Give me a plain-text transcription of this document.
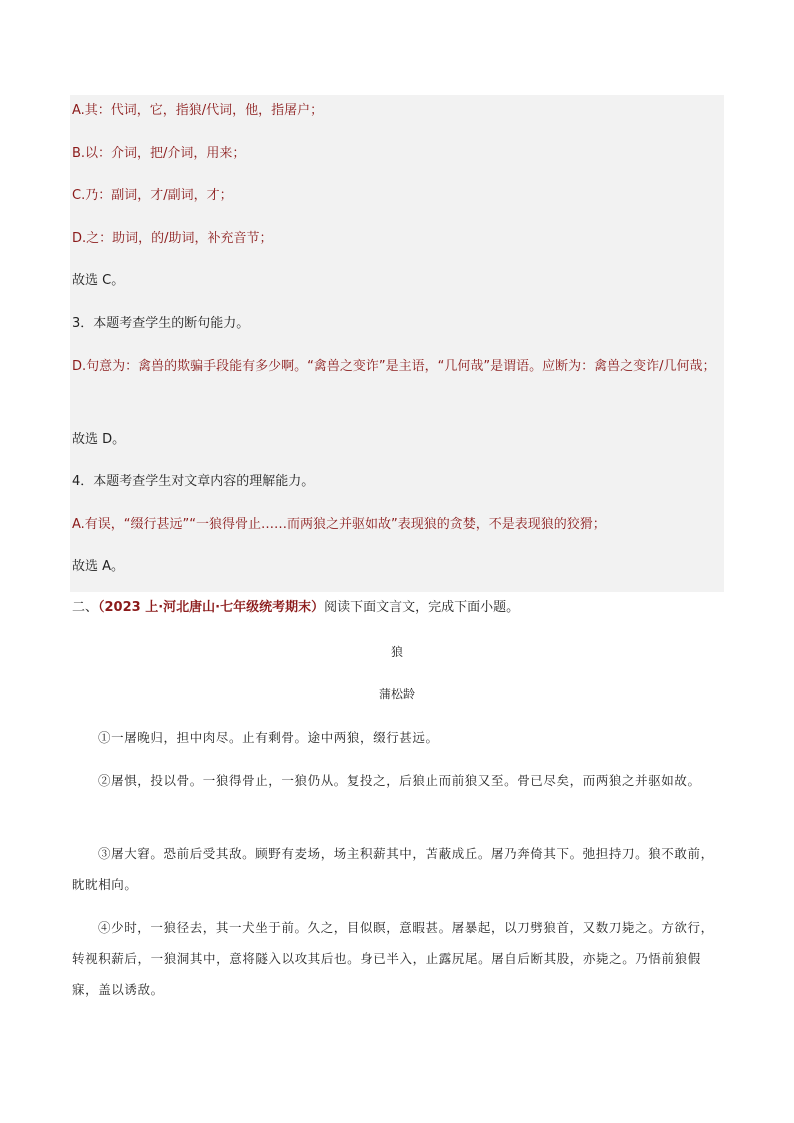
A.其：代词，它，指狼/代词，他，指屠户；
B.以：介词，把/介词，用来；
C.乃：副词，才/副词，才；
D.之：助词，的/助词，补充音节；
故选 C。
3．本题考查学生的断句能力。
D.句意为：禽兽的欺骗手段能有多少啊。“禽兽之变诈”是主语，“几何哉”是谓语。应断为：禽兽之变诈/几何哉；
故选 D。
4．本题考查学生对文章内容的理解能力。
A.有误，“缀行甚远”“一狼得骨止……而两狼之并驱如故”表现狼的贪婪，不是表现狼的狡猾；
故选 A。
二、（2023 上·河北唐山·七年级统考期末）阅读下面文言文，完成下面小题。
狼
蒲松龄
①一屠晚归，担中肉尽。止有剩骨。途中两狼，缀行甚远。
②屠惧，投以骨。一狼得骨止，一狼仍从。复投之，后狼止而前狼又至。骨已尽矣，而两狼之并驱如故。
③屠大窘。恐前后受其敌。顾野有麦场，场主积薪其中，苫蔽成丘。屠乃奔倚其下。弛担持刀。狼不敢前，眈眈相向。
④少时，一狼径去，其一犬坐于前。久之，目似瞑，意暇甚。屠暴起，以刀劈狼首，又数刀毙之。方欲行，转视积薪后，一狼洞其中，意将隧入以攻其后也。身已半入，止露尻尾。屠自后断其股，亦毙之。乃悟前狼假寐，盖以诱敌。
